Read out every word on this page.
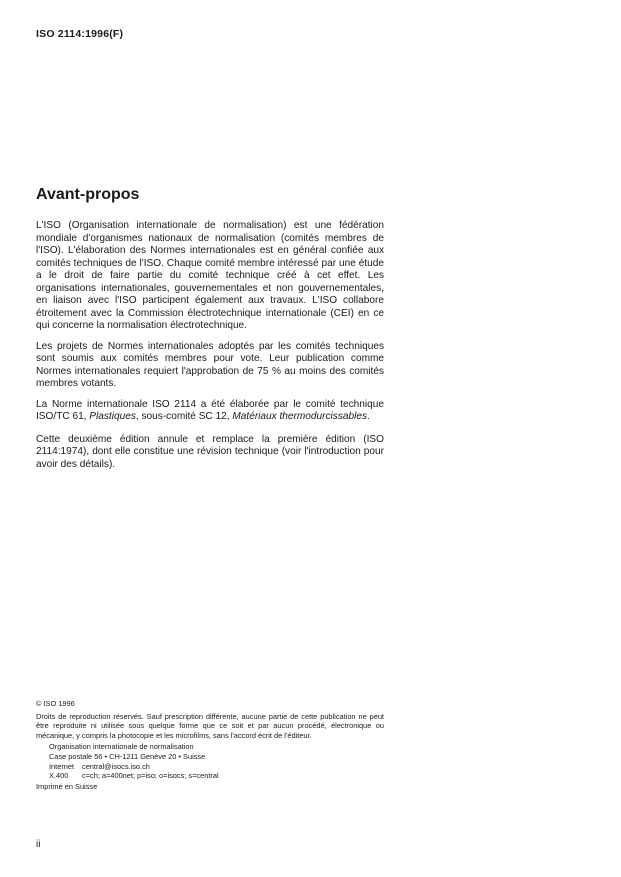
ISO 2114:1996(F)
Avant-propos

L'ISO (Organisation internationale de normalisation) est une fédération mondiale d'organismes nationaux de normalisation (comités membres de l'ISO). L'élaboration des Normes internationales est en général confiée aux comités techniques de l'ISO. Chaque comité membre intéressé par une étude a le droit de faire partie du comité technique créé à cet effet. Les organisations internationales, gouvernementales et non gouvernementales, en liaison avec l'ISO participent également aux travaux. L'ISO collabore étroitement avec la Commission électrotechnique internationale (CEI) en ce qui concerne la normalisation électrotechnique.

Les projets de Normes internationales adoptés par les comités techniques sont soumis aux comités membres pour vote. Leur publication comme Normes internationales requiert l'approbation de 75 % au moins des comités membres votants.

La Norme internationale ISO 2114 a été élaborée par le comité technique ISO/TC 61, Plastiques, sous-comité SC 12, Matériaux thermodurcissables.

Cette deuxième édition annule et remplace la première édition (ISO 2114:1974), dont elle constitue une révision technique (voir l'introduction pour avoir des détails).

© ISO 1996
Droits de reproduction réservés. Sauf prescription différente, aucune partie de cette publication ne peut être reproduite ni utilisée sous quelque forme que ce soit et par aucun procédé, électronique ou mécanique, y compris la photocopie et les microfilms, sans l'accord écrit de l'éditeur.
Organisation internationale de normalisation
Case postale 56 • CH-1211 Genève 20 • Suisse
Internet central@isocs.iso.ch
X.400 c=ch; a=400net; p=iso; o=isocs; s=central
Imprimé en Suisse
ii
